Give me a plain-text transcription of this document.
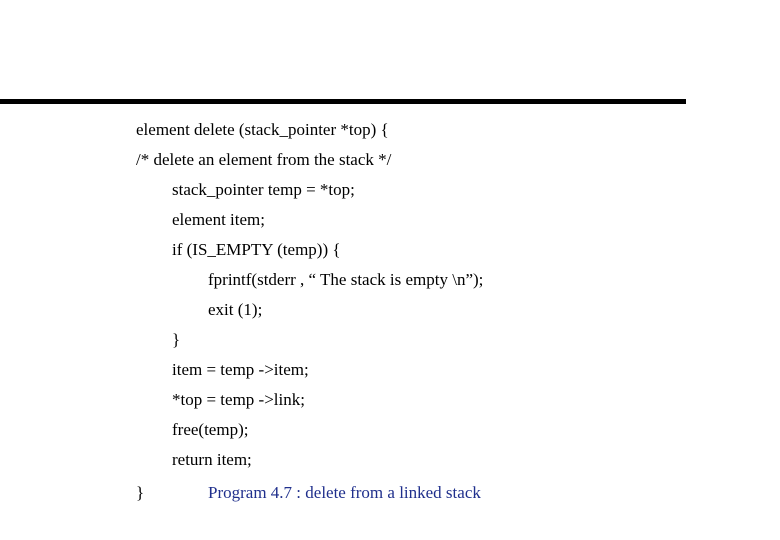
element delete (stack_pointer *top) {
/* delete an element from the stack */
stack_pointer temp = *top;
element item;
if (IS_EMPTY (temp)) {
fprintf(stderr , “ The stack is empty \n”);
exit (1);
}
item = temp ->item;
*top = temp ->link;
free(temp);
return item;
}	Program 4.7 : delete from a linked stack
